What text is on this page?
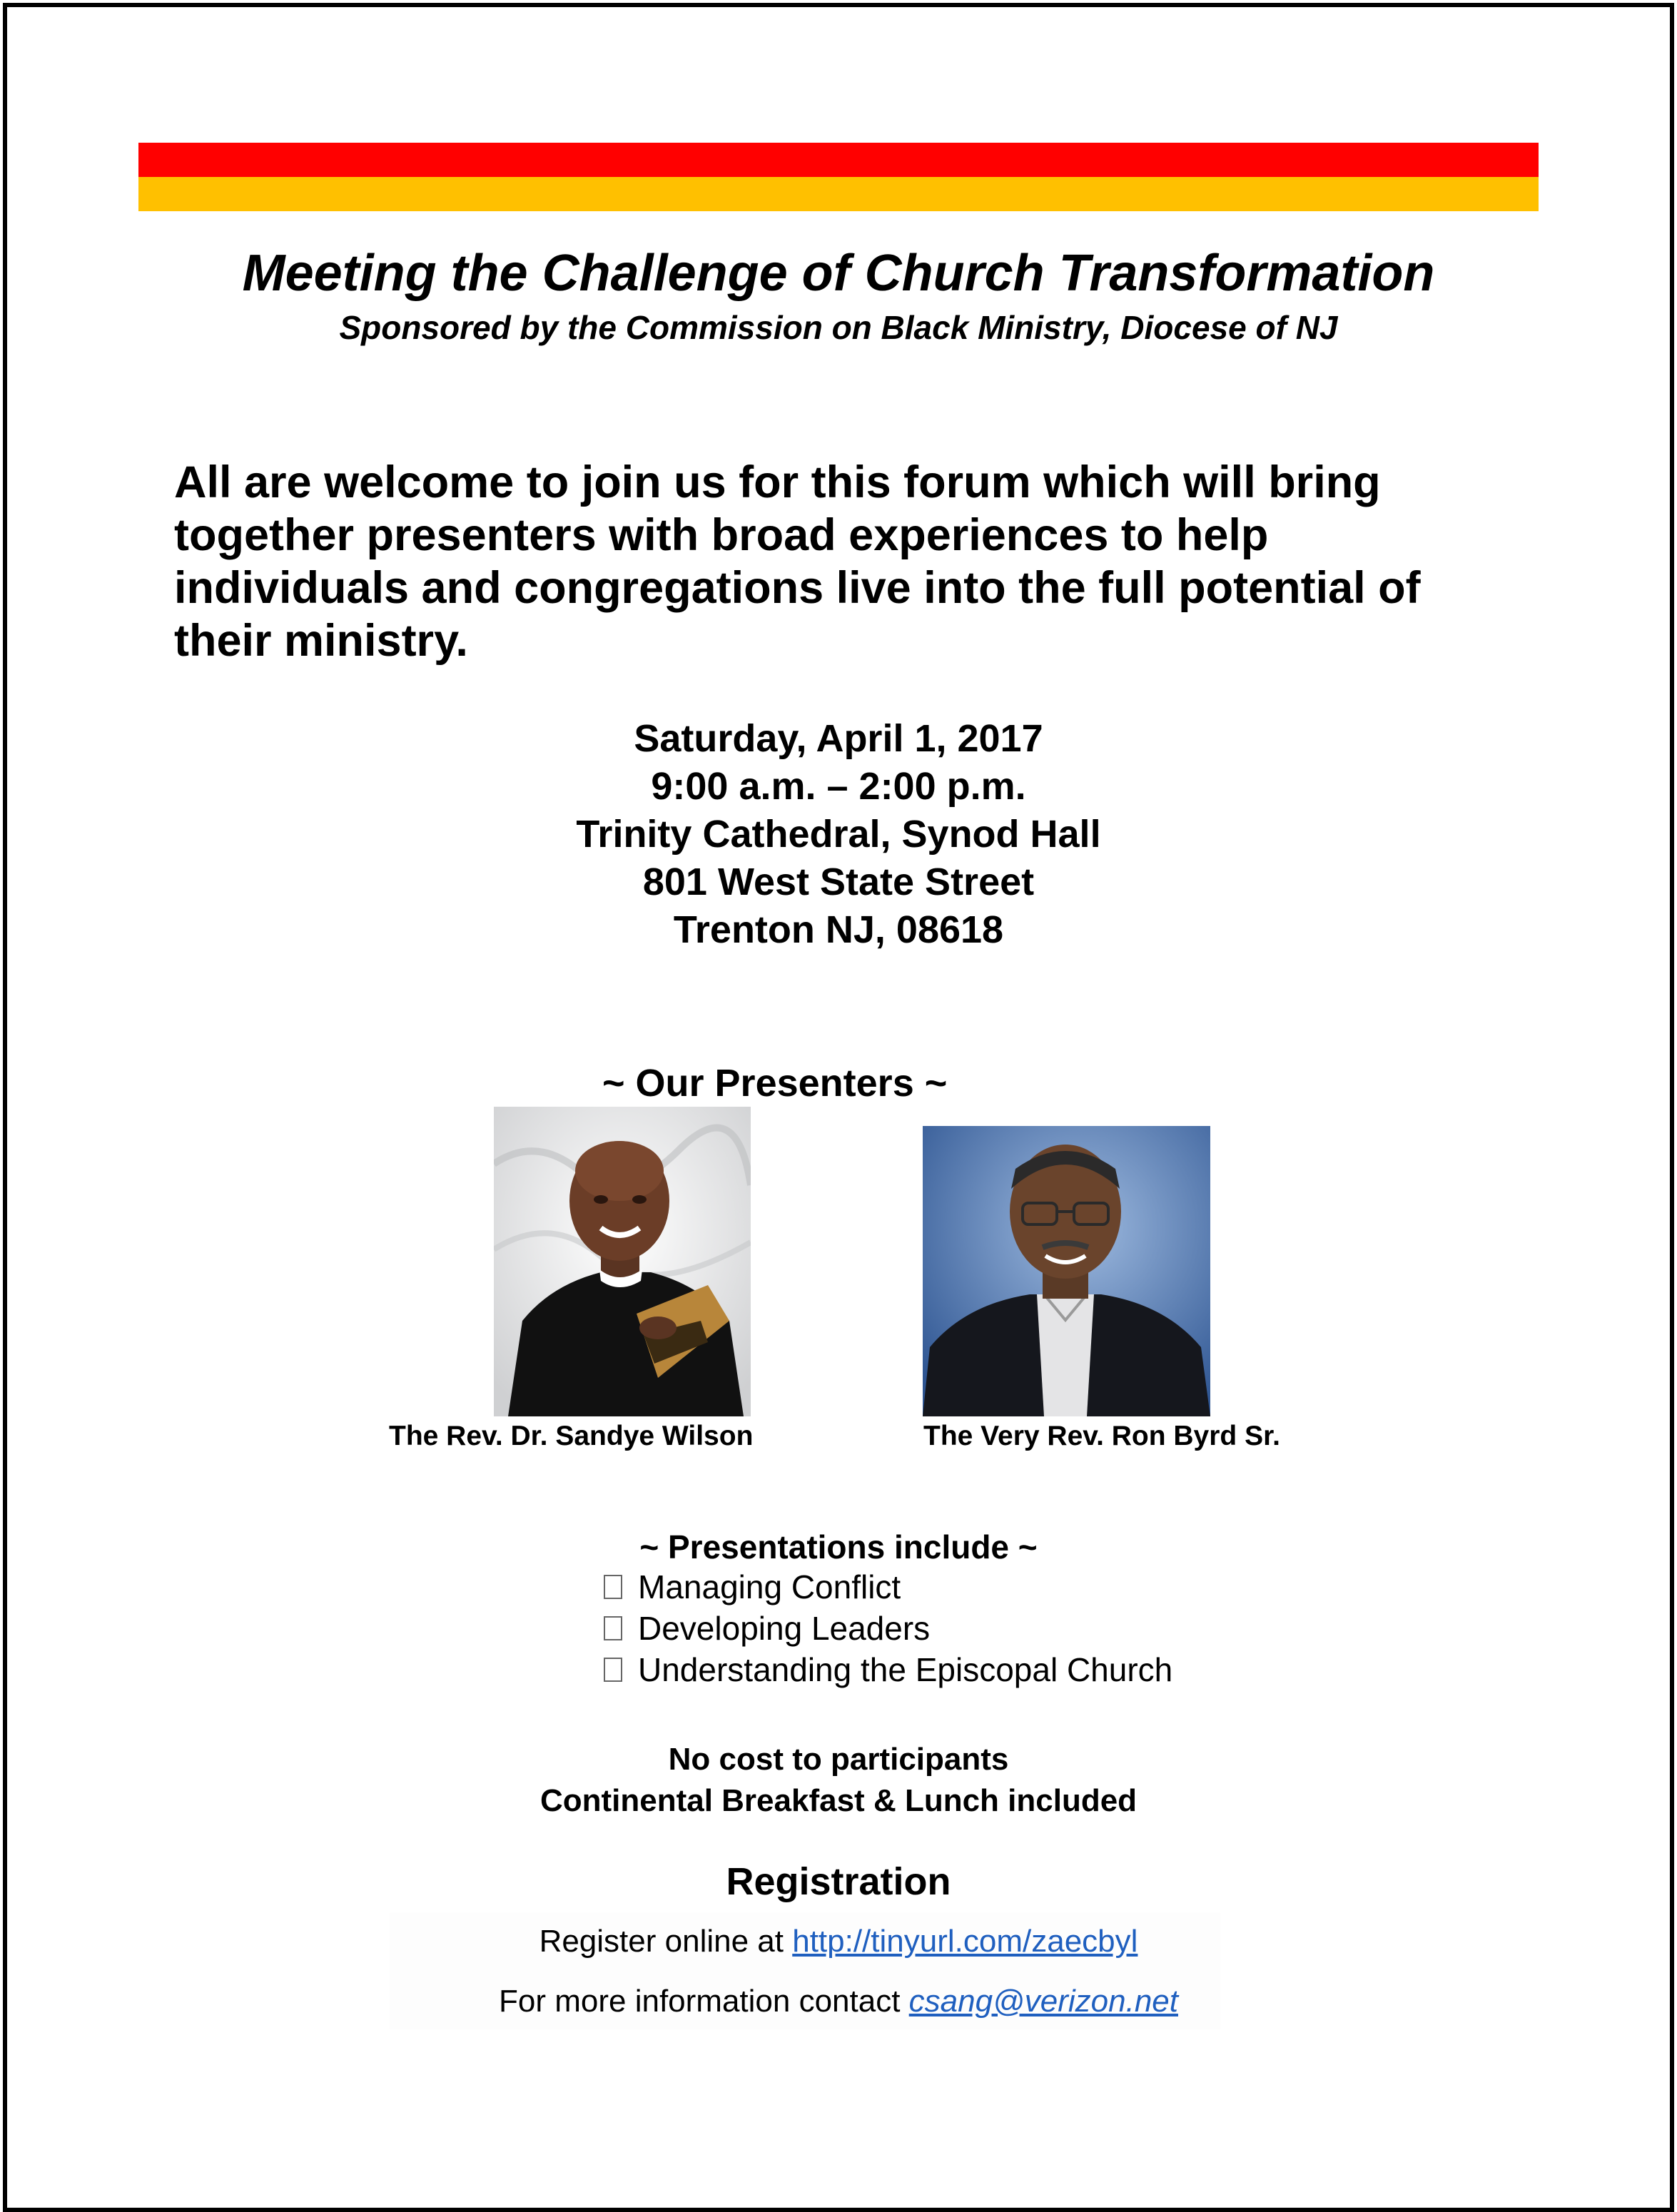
Meeting the Challenge of Church Transformation
Sponsored by the Commission on Black Ministry, Diocese of NJ
All are welcome to join us for this forum which will bring
together presenters with broad experiences to help
individuals and congregations live into the full potential of
their ministry.
Saturday, April 1, 2017
9:00 a.m. – 2:00 p.m.
Trinity Cathedral, Synod Hall
801 West State Street
Trenton NJ, 08618
~ Our Presenters ~
The Rev. Dr. Sandye Wilson	The Very Rev. Ron Byrd Sr.
~ Presentations include ~
Managing Conflict
Developing Leaders
Understanding the Episcopal Church
No cost to participants
Continental Breakfast & Lunch included
Registration
Register online at http://tinyurl.com/zaecbyl
For more information contact csang@verizon.net
